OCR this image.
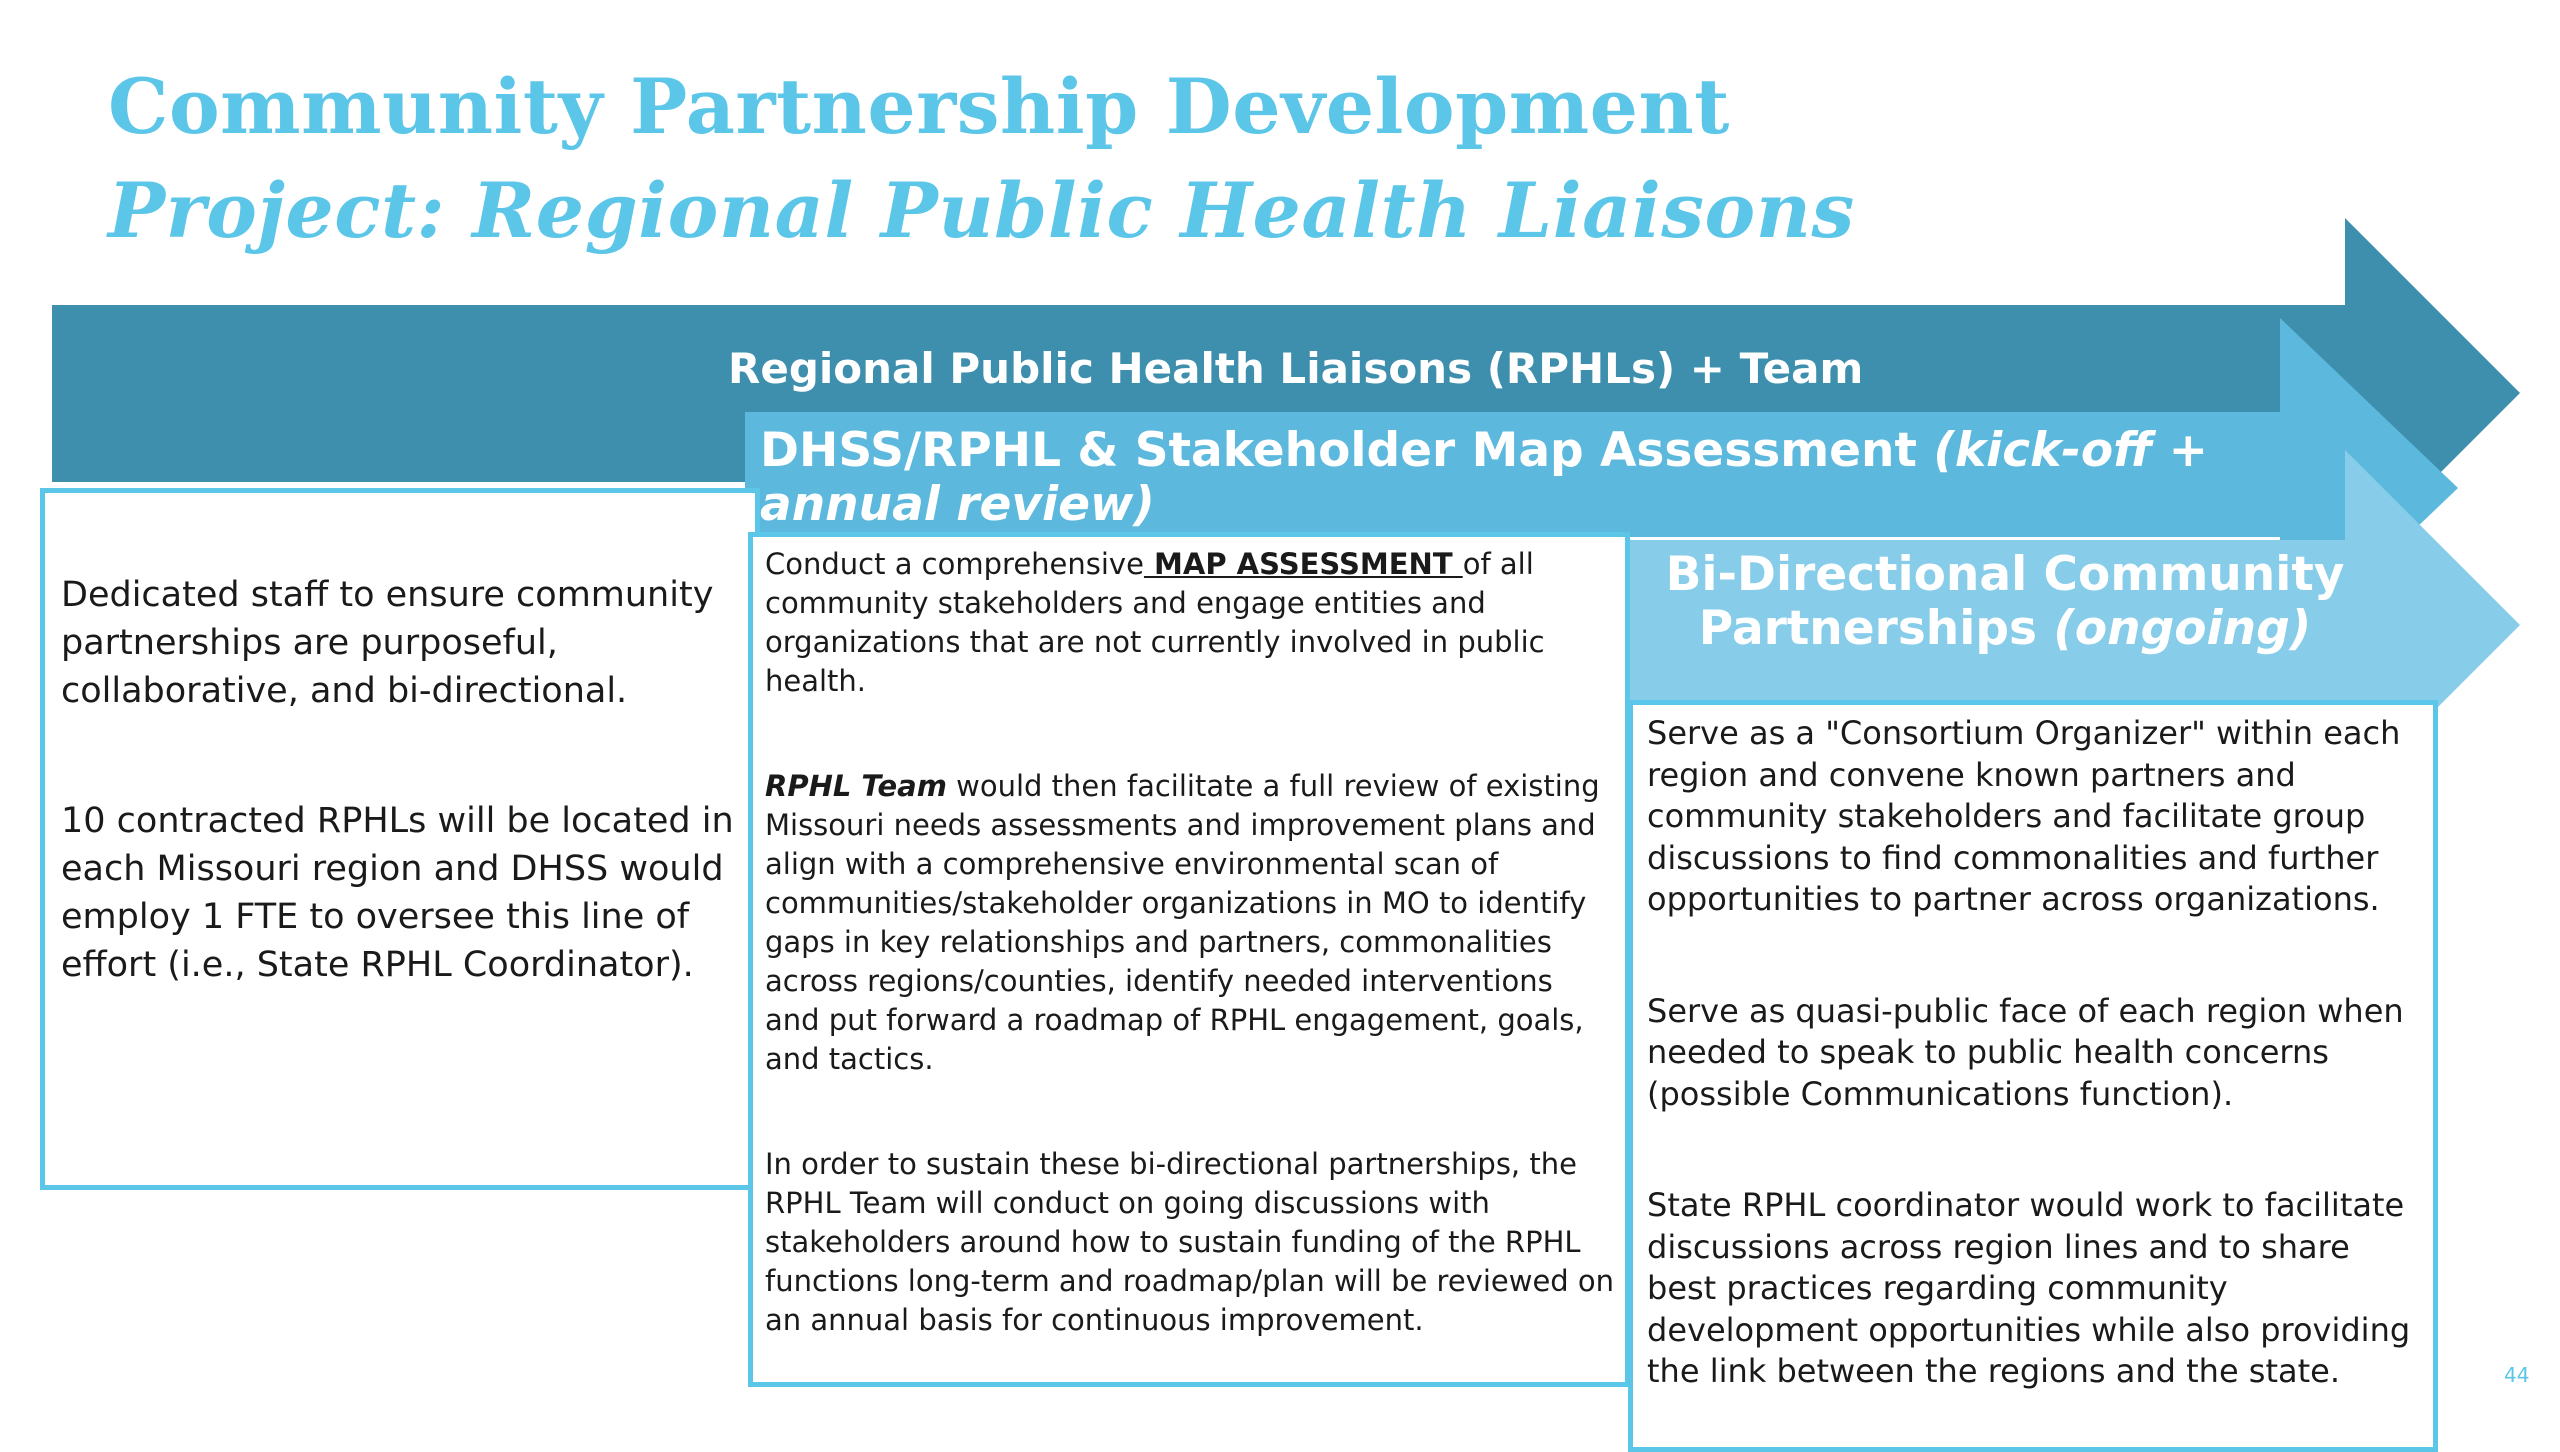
Community Partnership Development
Project: Regional Public Health Liaisons
Regional Public Health Liaisons (RPHLs) + Team
DHSS/RPHL & Stakeholder Map Assessment (kick-off + annual review)
Bi-Directional Community Partnerships (ongoing)

Dedicated staff to ensure community partnerships are purposeful, collaborative, and bi-directional.

10 contracted RPHLs will be located in each Missouri region and DHSS would employ 1 FTE to oversee this line of effort (i.e., State RPHL Coordinator).

Conduct a comprehensive MAP ASSESSMENT of all community stakeholders and engage entities and organizations that are not currently involved in public health.

RPHL Team would then facilitate a full review of existing Missouri needs assessments and improvement plans and align with a comprehensive environmental scan of communities/stakeholder organizations in MO to identify gaps in key relationships and partners, commonalities across regions/counties, identify needed interventions and put forward a roadmap of RPHL engagement, goals, and tactics.

In order to sustain these bi-directional partnerships, the RPHL Team will conduct on going discussions with stakeholders around how to sustain funding of the RPHL functions long-term and roadmap/plan will be reviewed on an annual basis for continuous improvement.

Serve as a "Consortium Organizer" within each region and convene known partners and community stakeholders and facilitate group discussions to find commonalities and further opportunities to partner across organizations.

Serve as quasi-public face of each region when needed to speak to public health concerns (possible Communications function).

State RPHL coordinator would work to facilitate discussions across region lines and to share best practices regarding community development opportunities while also providing the link between the regions and the state.	44
